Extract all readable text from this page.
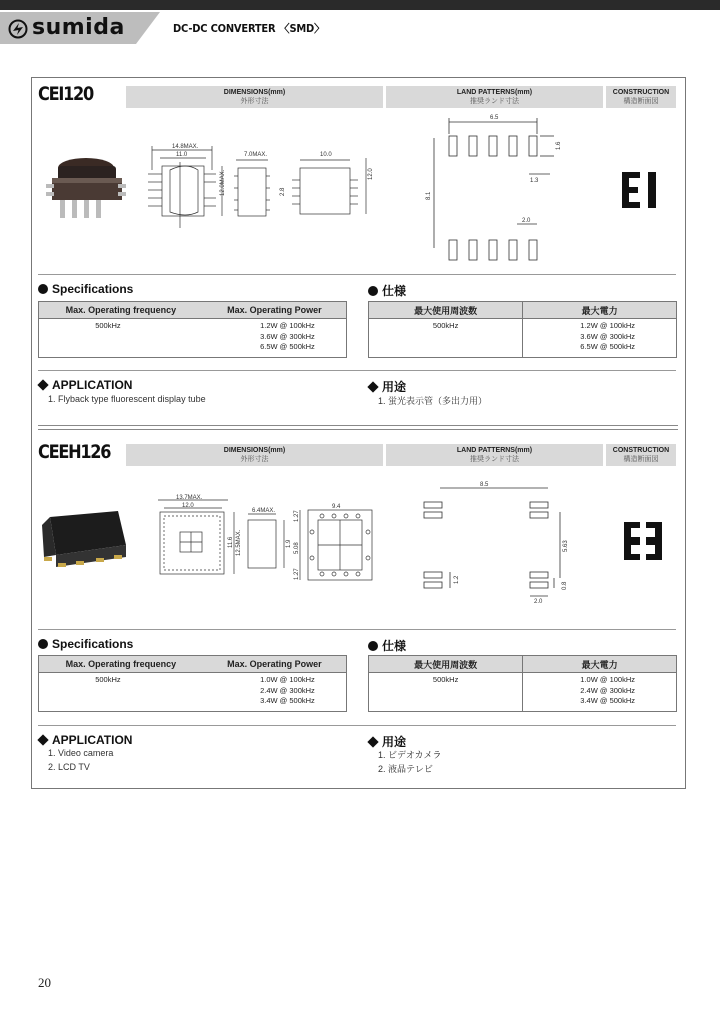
sumida	DC-DC CONVERTER 〈SMD〉
CEI120	DIMENSIONS(mm)
外形寸法
LAND PATTERNS(mm)
推奨ランド寸法
CONSTRUCTION
構造断面図
14.8MAX.
11.0	7.0MAX.	10.0
12.0MAX.	2.8
12.0
6.5
1.6
1.3
8.1
2.0
Specifications	仕様
Max. Operating frequency	Max. Operating Power
500kHz	1.2W @ 100kHz
3.6W @ 300kHz
6.5W @ 500kHz
最大使用周波数	最大電力
500kHz	1.2W @ 100kHz
3.6W @ 300kHz
6.5W @ 500kHz
APPLICATION	用途
1. Flyback type fluorescent display tube	1. 蛍光表示管（多出力用）
CEEH126	DIMENSIONS(mm)
外形寸法
LAND PATTERNS(mm)
推奨ランド寸法
CONSTRUCTION
構造断面図
13.7MAX.
12.0
6.4MAX.
12.5MAX.
11.6
9.4
1.27
5.08
1.27
1.9
8.5
5.63
1.2
2.0
0.8
Specifications	仕様
Max. Operating frequency	Max. Operating Power
500kHz	1.0W @ 100kHz
2.4W @ 300kHz
3.4W @ 500kHz
最大使用周波数	最大電力
500kHz	1.0W @ 100kHz
2.4W @ 300kHz
3.4W @ 500kHz
APPLICATION	用途
1. Video camera
2. LCD TV
1. ビデオカメラ
2. 液晶テレビ
20
